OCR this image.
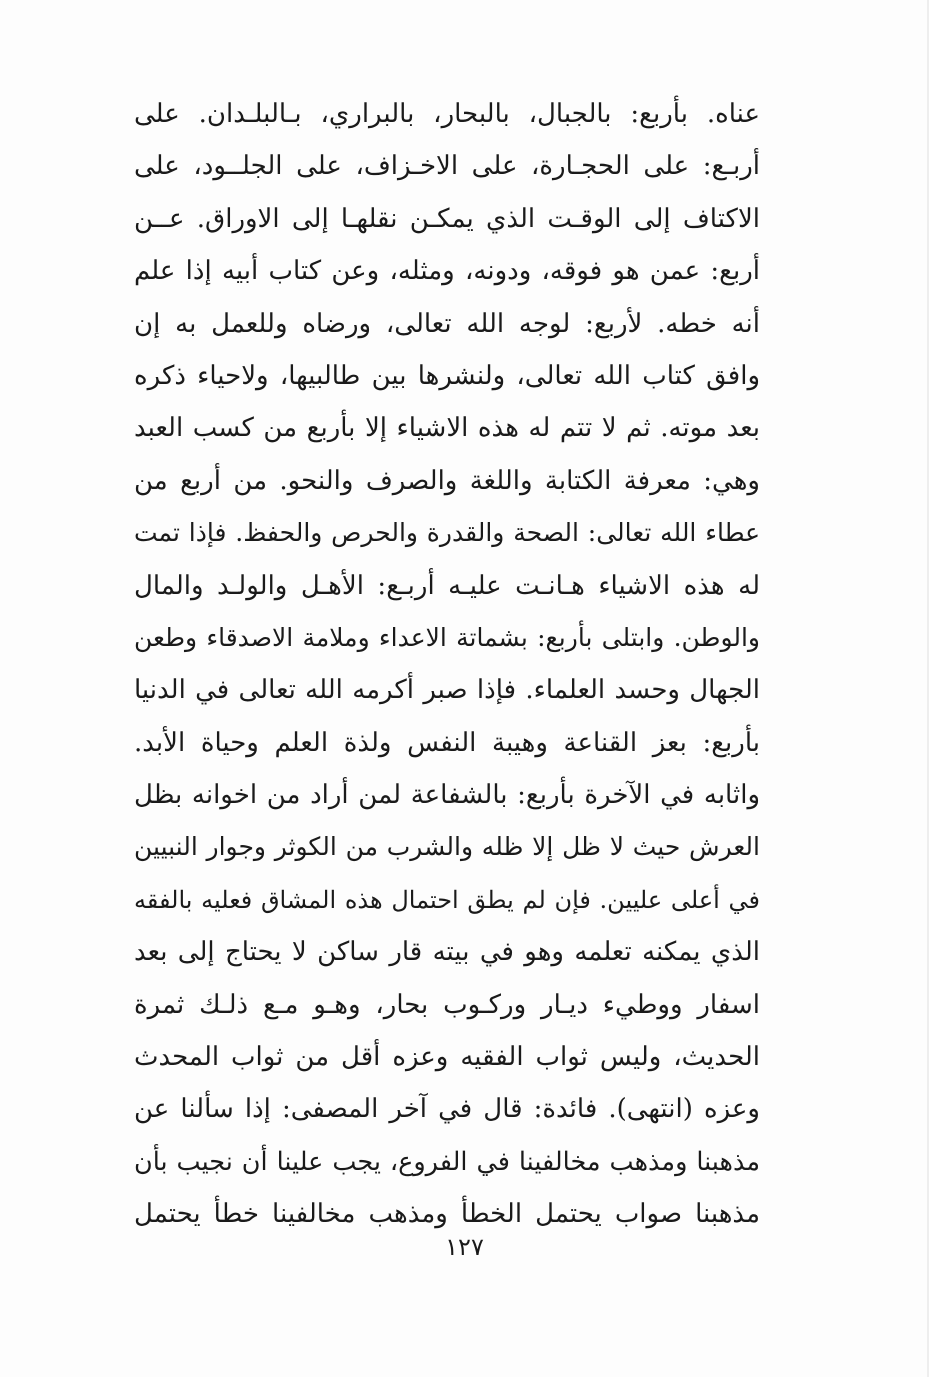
عناه. بأربع: بالجبال، بالبحار، بالبراري، بـالبلـدان. على
أربـع: على الحجـارة، على الاخـزاف، على الجلــود، على
الاكتاف إلى الوقـت الذي يمكـن نقلهـا إلى الاوراق. عــن
أربع: عمن هو فوقه، ودونه، ومثله، وعن كتاب أبيه إذا علم
أنه خطه. لأربع: لوجه الله تعالى، ورضاه وللعمل به إن
وافق كتاب الله تعالى، ولنشرها بين طالبيها، ولاحياء ذكره
بعد موته. ثم لا تتم له هذه الاشياء إلا بأربع من كسب العبد
وهي: معرفة الكتابة واللغة والصرف والنحو. من أربع من
عطاء الله تعالى: الصحة والقدرة والحرص والحفظ. فإذا تمت
له هذه الاشياء هـانـت عليـه أربـع: الأهـل والولـد والمال
والوطن. وابتلى بأربع: بشماتة الاعداء وملامة الاصدقاء وطعن
الجهال وحسد العلماء. فإذا صبر أكرمه الله تعالى في الدنيا
بأربع: بعز القناعة وهيبة النفس ولذة العلم وحياة الأبد.
واثابه في الآخرة بأربع: بالشفاعة لمن أراد من اخوانه بظل
العرش حيث لا ظل إلا ظله والشرب من الكوثر وجوار النبيين
في أعلى عليين. فإن لم يطق احتمال هذه المشاق فعليه بالفقه
الذي يمكنه تعلمه وهو في بيته قار ساكن لا يحتاج إلى بعد
اسفار ووطيء ديـار وركـوب بحار، وهـو مـع ذلـك ثمرة
الحديث، وليس ثواب الفقيه وعزه أقل من ثواب المحدث
وعزه (انتهى). فائدة: قال في آخر المصفى: إذا سألنا عن
مذهبنا ومذهب مخالفينا في الفروع، يجب علينا أن نجيب بأن
مذهبنا صواب يحتمل الخطأ ومذهب مخالفينا خطأ يحتمل
١٢٧
